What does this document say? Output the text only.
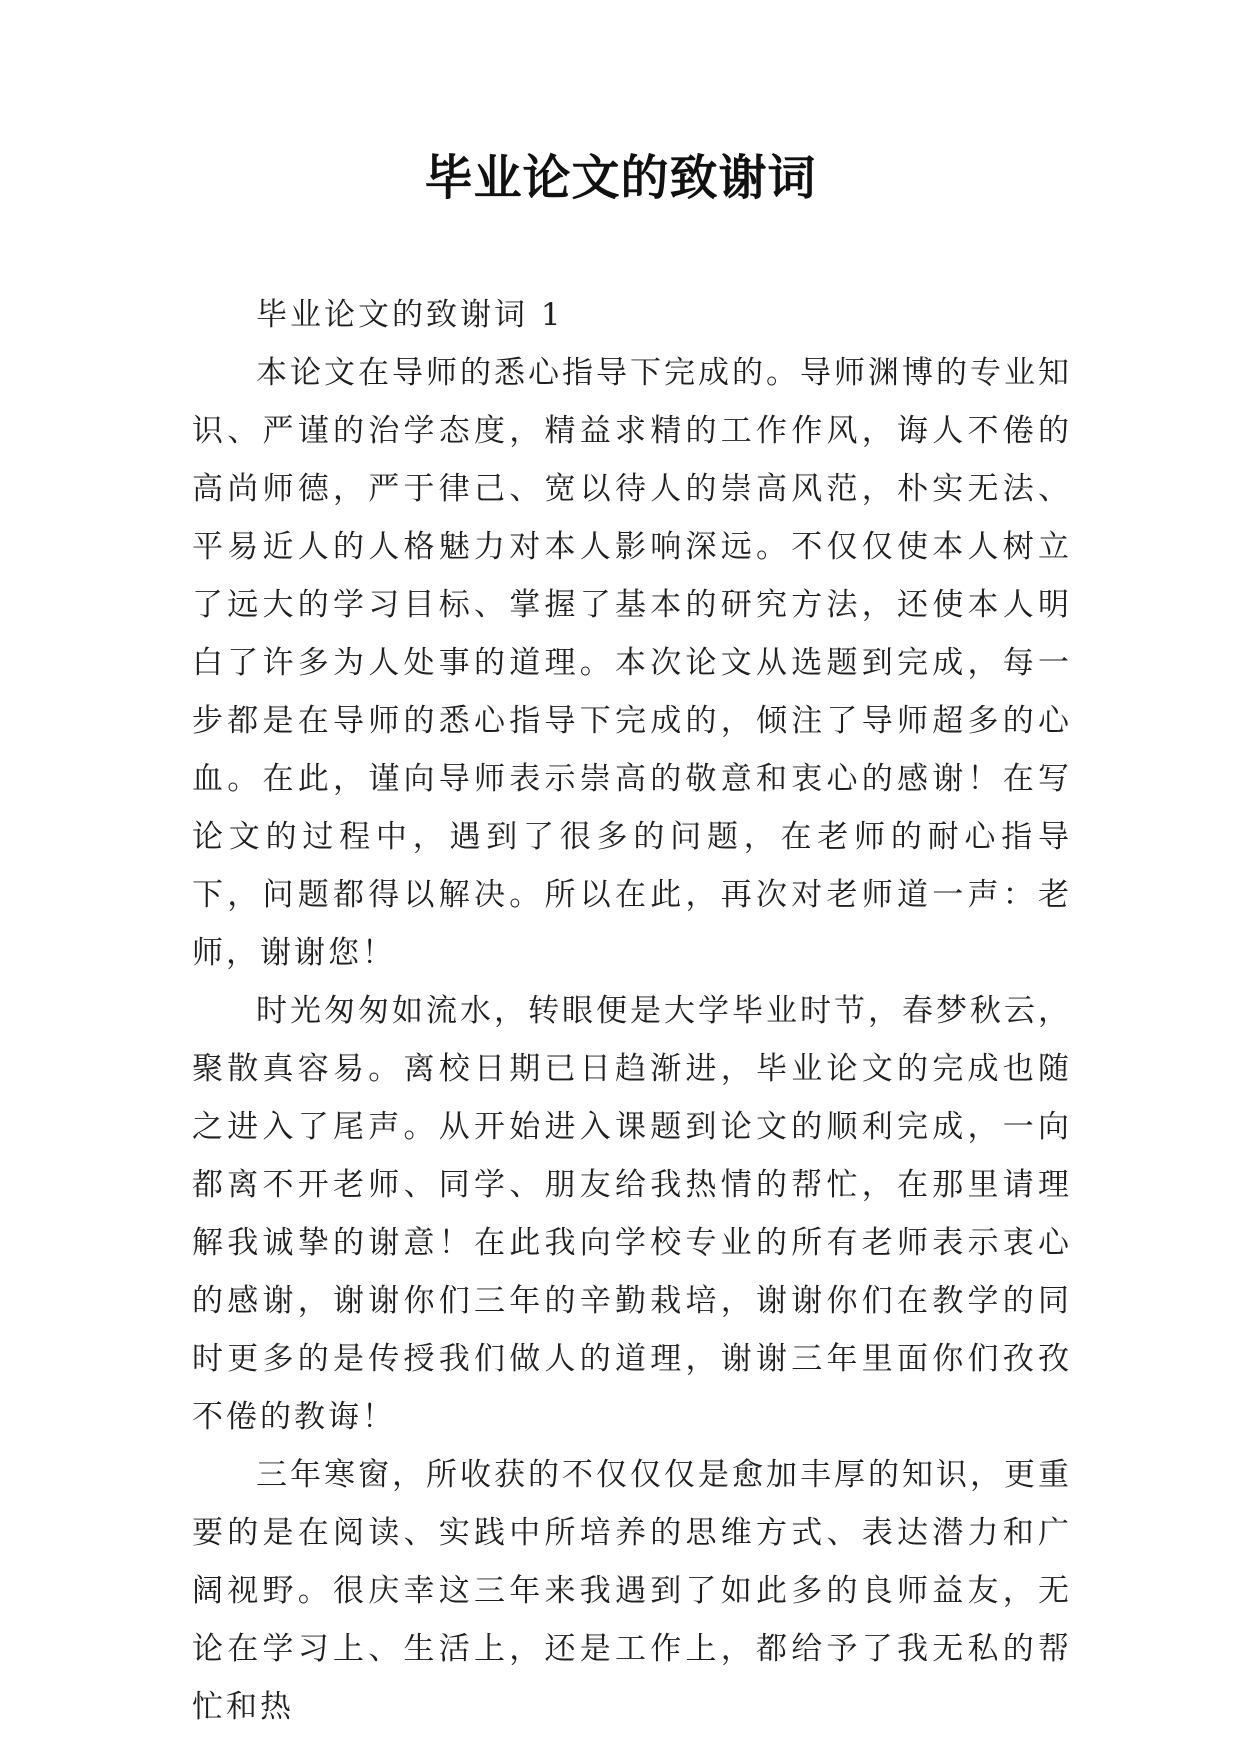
毕业论文的致谢词

毕业论文的致谢词 1

本论文在导师的悉心指导下完成的。导师渊博的专业知识、严谨的治学态度，精益求精的工作作风，诲人不倦的高尚师德，严于律己、宽以待人的崇高风范，朴实无法、平易近人的人格魅力对本人影响深远。不仅仅使本人树立了远大的学习目标、掌握了基本的研究方法，还使本人明白了许多为人处事的道理。本次论文从选题到完成，每一步都是在导师的悉心指导下完成的，倾注了导师超多的心血。在此，谨向导师表示崇高的敬意和衷心的感谢！在写论文的过程中，遇到了很多的问题，在老师的耐心指导下，问题都得以解决。所以在此，再次对老师道一声：老师，谢谢您！

时光匆匆如流水，转眼便是大学毕业时节，春梦秋云，聚散真容易。离校日期已日趋渐进，毕业论文的完成也随之进入了尾声。从开始进入课题到论文的顺利完成，一向都离不开老师、同学、朋友给我热情的帮忙，在那里请理解我诚挚的谢意！在此我向学校专业的所有老师表示衷心的感谢，谢谢你们三年的辛勤栽培，谢谢你们在教学的同时更多的是传授我们做人的道理，谢谢三年里面你们孜孜不倦的教诲！

三年寒窗，所收获的不仅仅仅是愈加丰厚的知识，更重要的是在阅读、实践中所培养的思维方式、表达潜力和广阔视野。很庆幸这三年来我遇到了如此多的良师益友，无论在学习上、生活上，还是工作上，都给予了我无私的帮忙和热
